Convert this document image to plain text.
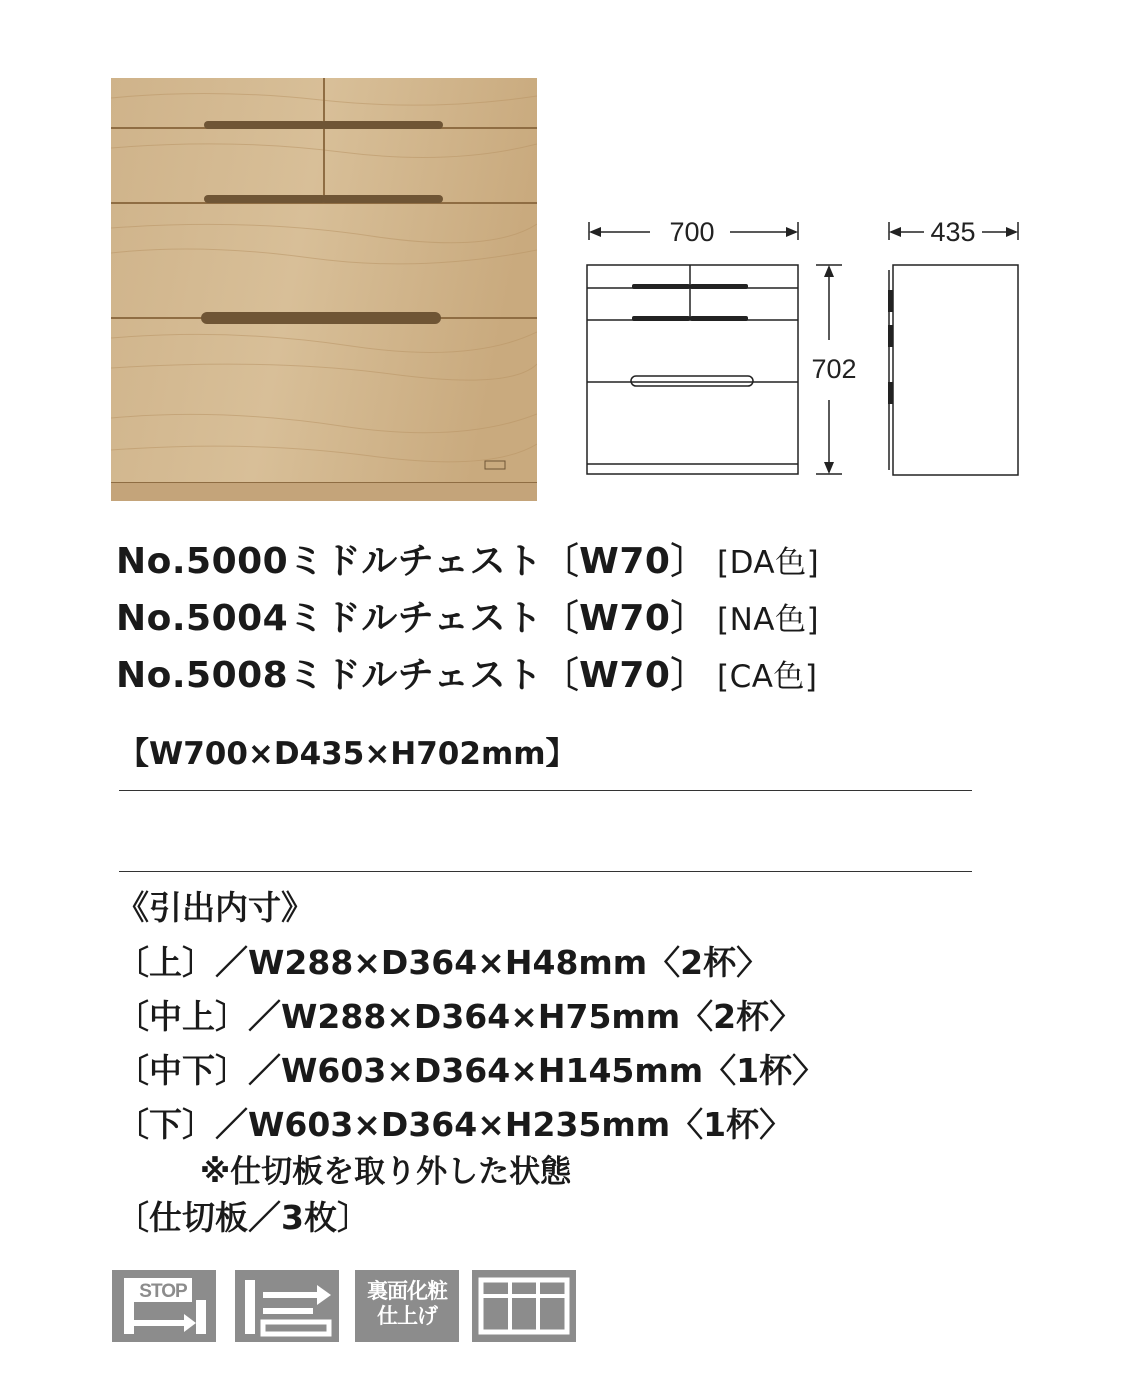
700
702
435
No.5000ミドルチェスト〔W70〕 [DA色]
No.5004ミドルチェスト〔W70〕 [NA色]
No.5008ミドルチェスト〔W70〕 [CA色]
【W700×D435×H702mm】
《引出内寸》
〔上〕／W288×D364×H48mm〈2杯〉
〔中上〕／W288×D364×H75mm〈2杯〉
〔中下〕／W603×D364×H145mm〈1杯〉
〔下〕／W603×D364×H235mm〈1杯〉
※仕切板を取り外した状態
〔仕切板／3枚〕
STOP	裏面化粧
仕上げ
